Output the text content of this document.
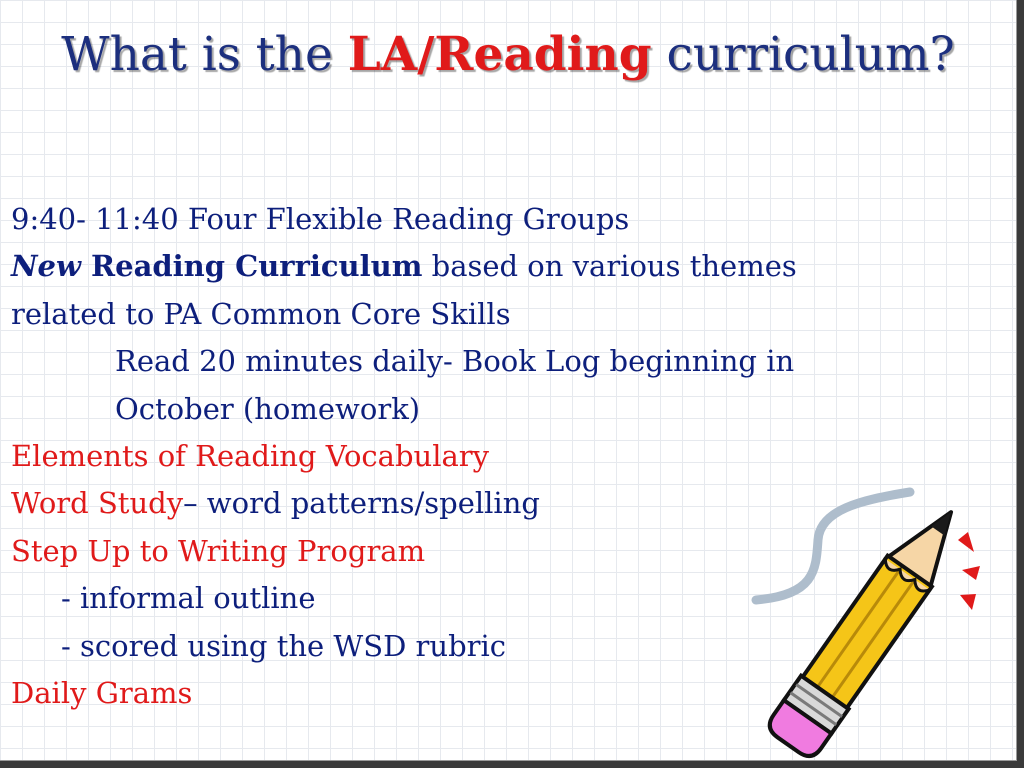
What is the LA/Reading curriculum?
9:40- 11:40 Four Flexible Reading Groups
New Reading Curriculum based on various themes
related to PA Common Core Skills
Read 20 minutes daily- Book Log beginning in
October (homework)
Elements of Reading Vocabulary
Word Study– word patterns/spelling
Step Up to Writing Program
- informal outline
- scored using the WSD rubric
Daily Grams
